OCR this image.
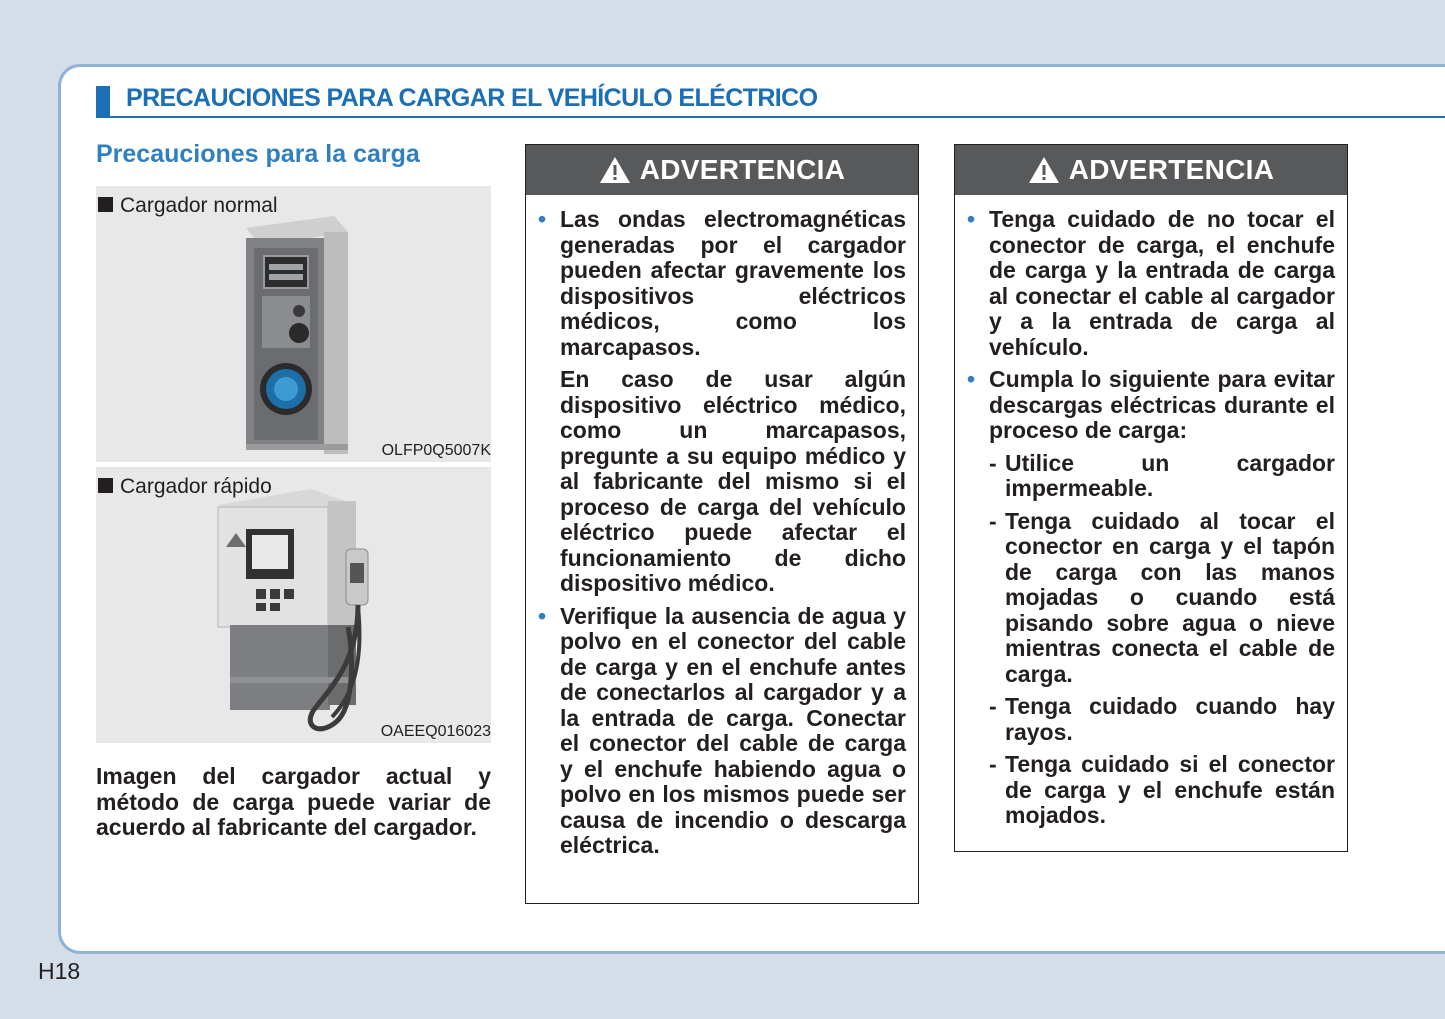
PRECAUCIONES PARA CARGAR EL VEHÍCULO ELÉCTRICO
Precauciones para la carga
Cargador normal
OLFP0Q5007K
Cargador rápido
OAEEQ016023
Imagen del cargador actual y método de carga puede variar de acuerdo al fabricante del cargador.
ADVERTENCIA
• Las ondas electromagnéticas generadas por el cargador pueden afectar gravemente los dispositivos eléctricos médicos, como los marcapasos.
En caso de usar algún dispositivo eléctrico médico, como un marcapasos, pregunte a su equipo médico y al fabricante del mismo si el proceso de carga del vehículo eléctrico puede afectar el funcionamiento de dicho dispositivo médico.
• Verifique la ausencia de agua y polvo en el conector del cable de carga y en el enchufe antes de conectarlos al cargador y a la entrada de carga. Conectar el conector del cable de carga y el enchufe habiendo agua o polvo en los mismos puede ser causa de incendio o descarga eléctrica.
ADVERTENCIA
• Tenga cuidado de no tocar el conector de carga, el enchufe de carga y la entrada de carga al conectar el cable al cargador y a la entrada de carga al vehículo.
• Cumpla lo siguiente para evitar descargas eléctricas durante el proceso de carga:
- Utilice un cargador impermeable.
- Tenga cuidado al tocar el conector en carga y el tapón de carga con las manos mojadas o cuando está pisando sobre agua o nieve mientras conecta el cable de carga.
- Tenga cuidado cuando hay rayos.
- Tenga cuidado si el conector de carga y el enchufe están mojados.
H18
